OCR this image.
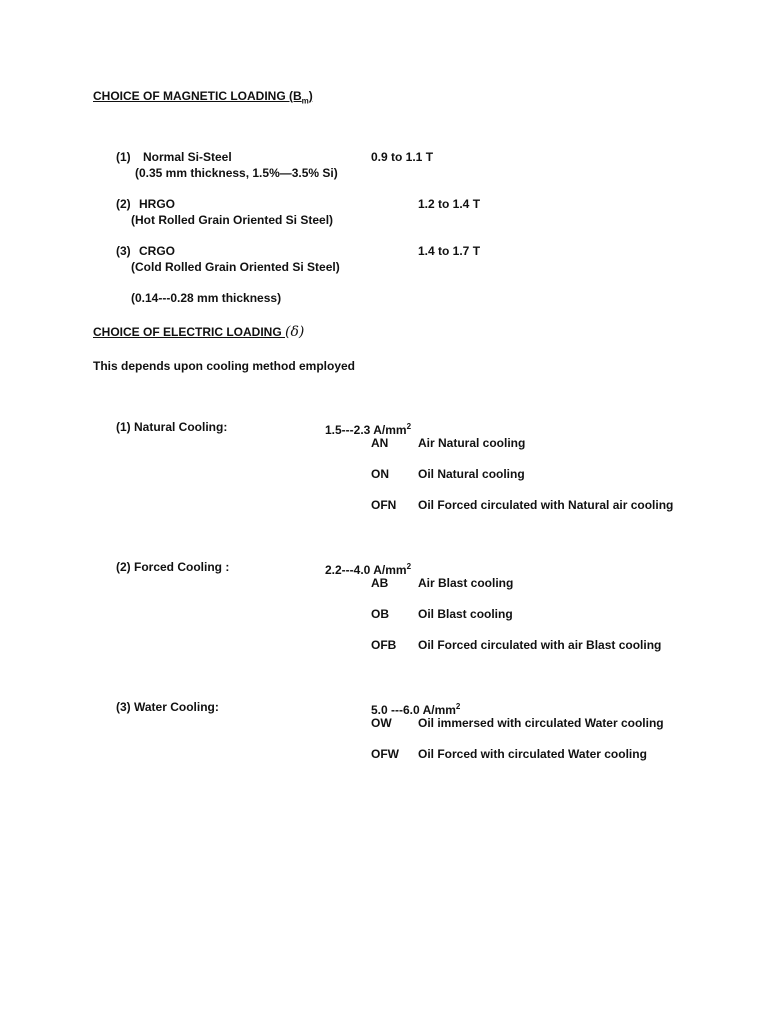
CHOICE OF MAGNETIC LOADING $(B_m)$
(1) Normal Si-Steel	0.9 to 1.1 T
(0.35 mm thickness, 1.5%—3.5% Si)
(2) HRGO	1.2 to 1.4 T
(Hot Rolled Grain Oriented Si Steel)
(3) CRGO	1.4 to 1.7 T
(Cold Rolled Grain Oriented Si Steel)
(0.14---0.28 mm thickness)
CHOICE OF ELECTRIC LOADING (δ)
This depends upon cooling method employed
(1) Natural Cooling:	1.5---2.3 $A/mm^2$
AN Air Natural cooling
ON Oil Natural cooling
OFN Oil Forced circulated with Natural air cooling
(2) Forced Cooling :	2.2---4.0 $A/mm^2$
AB Air Blast cooling
OB Oil Blast cooling
OFB Oil Forced circulated with air Blast cooling
(3) Water Cooling:	5.0 ---6.0 $A/mm^2$
OW Oil immersed with circulated Water cooling
OFW Oil Forced with circulated Water cooling
